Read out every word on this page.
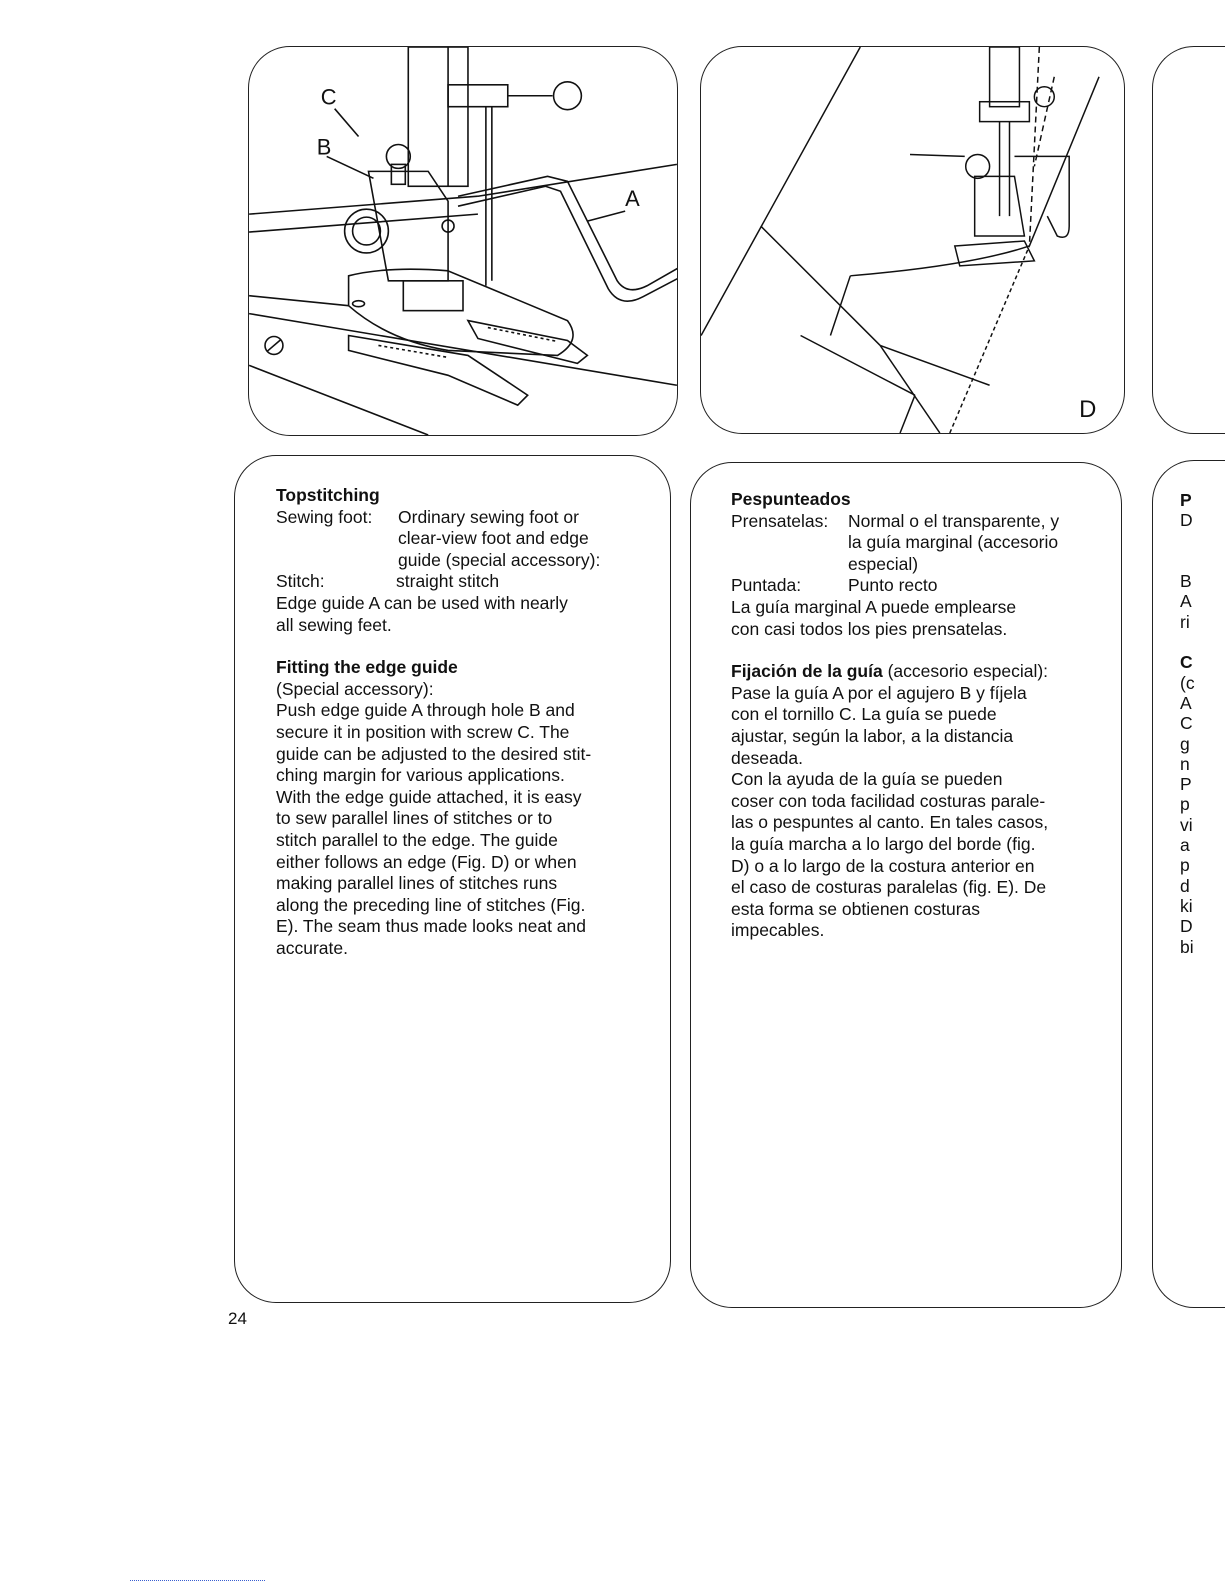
C
B
A
D

Topstitching

Sewing foot:	Ordinary sewing foot or

clear-view foot and edge

guide (special accessory):

Stitch:	straight stitch

Edge guide A can be used with nearly

all sewing feet.

Fitting the edge guide

(Special accessory):

Push edge guide A through hole B and

secure it in position with screw C. The

guide can be adjusted to the desired stit-

ching margin for various applications.

With the edge guide attached, it is easy

to sew parallel lines of stitches or to

stitch parallel to the edge. The guide

either follows an edge (Fig. D) or when

making parallel lines of stitches runs

along the preceding line of stitches (Fig.

E). The seam thus made looks neat and

accurate.

Pespunteados

Prensatelas:	Normal o el transparente, y

la guía marginal (accesorio

especial)

Puntada:	Punto recto

La guía marginal A puede emplearse

con casi todos los pies prensatelas.

Fijación de la guía (accesorio especial):

Pase la guía A por el agujero B y fíjela

con el tornillo C. La guía se puede

ajustar, según la labor, a la distancia

deseada.

Con la ayuda de la guía se pueden

coser con toda facilidad costuras parale-

las o pespuntes al canto. En tales casos,

la guía marcha a lo largo del borde (fig.

D) o a lo largo de la costura anterior en

el caso de costuras paralelas (fig. E). De

esta forma se obtienen costuras

impecables.

P
D
B
A
ri
C
(c
A
C
g
n
P
p
vi
a
p
d
ki
D
bi
24
